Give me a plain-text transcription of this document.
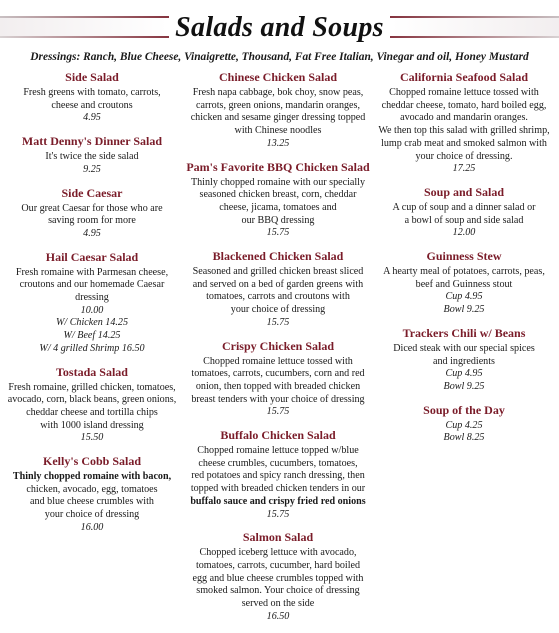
Salads and Soups
Dressings: Ranch, Blue Cheese, Vinaigrette, Thousand, Fat Free Italian, Vinegar and oil, Honey Mustard
Side Salad
Fresh greens with tomato, carrots,
cheese and croutons
4.95
Matt Denny's Dinner Salad
It's twice the side salad
9.25
Side Caesar
Our great Caesar for those who are
saving room for more
4.95
Hail Caesar Salad
Fresh romaine with Parmesan cheese,
croutons and our homemade Caesar dressing
10.00
W/ Chicken 14.25
W/ Beef 14.25
W/ 4 grilled Shrimp 16.50
Tostada Salad
Fresh romaine, grilled chicken, tomatoes,
avocado, corn, black beans, green onions,
cheddar cheese and tortilla chips
with 1000 island dressing
15.50
Kelly's Cobb Salad
Thinly chopped romaine with bacon,
chicken, avocado, egg, tomatoes
and blue cheese crumbles with
your choice of dressing
16.00
Chinese Chicken Salad
Fresh napa cabbage, bok choy, snow peas,
carrots, green onions, mandarin oranges,
chicken and sesame ginger dressing topped
with Chinese noodles
13.25
Pam's Favorite BBQ Chicken Salad
Thinly chopped romaine with our specially
seasoned chicken breast, corn, cheddar
cheese, jicama, tomatoes and
our BBQ dressing
15.75
Blackened Chicken Salad
Seasoned and grilled chicken breast sliced
and served on a bed of garden greens with
tomatoes, carrots and croutons with
your choice of dressing
15.75
Crispy Chicken Salad
Chopped romaine lettuce tossed with
tomatoes, carrots, cucumbers, corn and red
onion, then topped with breaded chicken
breast tenders with your choice of dressing
15.75
Buffalo Chicken Salad
Chopped romaine lettuce topped w/blue
cheese crumbles, cucumbers, tomatoes,
red potatoes and spicy ranch dressing, then
topped with breaded chicken tenders in our
buffalo sauce and crispy fried red onions
15.75
Salmon Salad
Chopped iceberg lettuce with avocado,
tomatoes, carrots, cucumber, hard boiled
egg and blue cheese crumbles topped with
smoked salmon. Your choice of dressing
served on the side
16.50
California Seafood Salad
Chopped romaine lettuce tossed with
cheddar cheese, tomato, hard boiled egg,
avocado and mandarin oranges.
We then top this salad with grilled shrimp,
lump crab meat and smoked salmon with
your choice of dressing.
17.25
Soup and Salad
A cup of soup and a dinner salad or
a bowl of soup and side salad
12.00
Guinness Stew
A hearty meal of potatoes, carrots, peas,
beef and Guinness stout
Cup 4.95
Bowl 9.25
Trackers Chili w/ Beans
Diced steak with our special spices
and ingredients
Cup 4.95
Bowl 9.25
Soup of the Day
Cup 4.25
Bowl 8.25
